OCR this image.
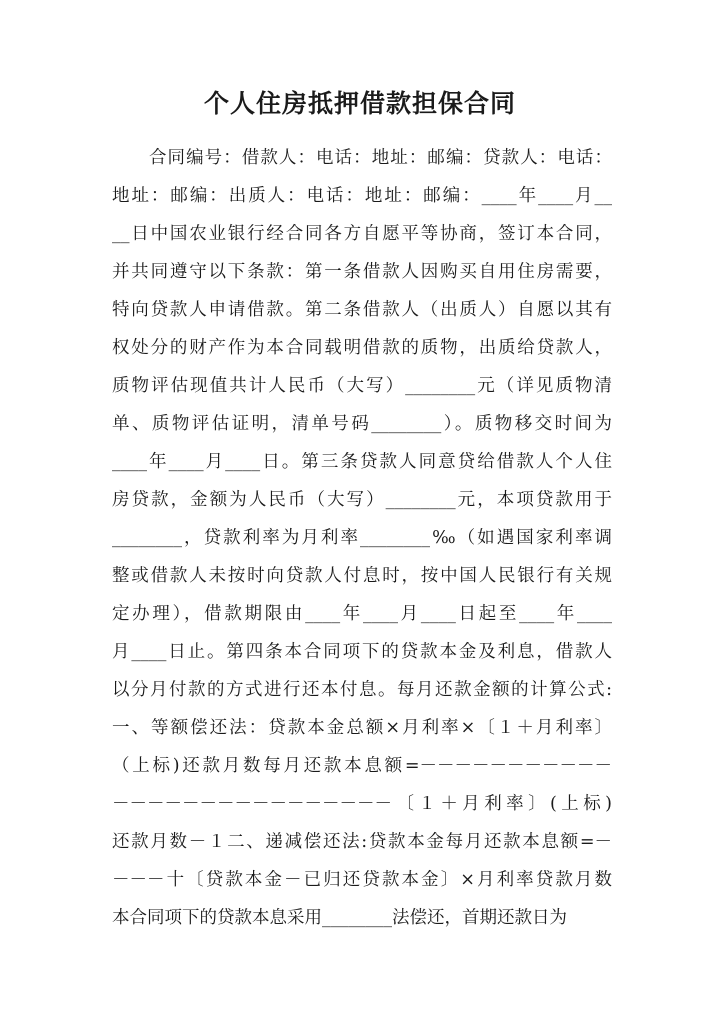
个人住房抵押借款担保合同
合同编号：借款人：电话：地址：邮编：贷款人：电话：
地址：邮编：出质人：电话：地址：邮编：____年____月__
__日中国农业银行经合同各方自愿平等协商，签订本合同，
并共同遵守以下条款：第一条借款人因购买自用住房需要，
特向贷款人申请借款。第二条借款人（出质人）自愿以其有
权处分的财产作为本合同载明借款的质物，出质给贷款人，
质物评估现值共计人民币（大写）________元（详见质物清
单、质物评估证明，清单号码________）。质物移交时间为
____年____月____日。第三条贷款人同意贷给借款人个人住
房贷款，金额为人民币（大写）________元，本项贷款用于
________，贷款利率为月利率________‰（如遇国家利率调
整或借款人未按时向贷款人付息时，按中国人民银行有关规
定办理），借款期限由____年____月____日起至____年____
月____日止。第四条本合同项下的贷款本金及利息，借款人
以分月付款的方式进行还本付息。每月还款金额的计算公式:
一、等额偿还法：贷款本金总额×月利率×〔１＋月利率〕
（上标)还款月数每月还款本息额=－－－－－－－－－－－
－－－－－－－－－－－－－－－－〔１＋月利率〕(上标)
还款月数－１二、递减偿还法:贷款本金每月还款本息额=－
－－－十〔贷款本金－已归还贷款本金〕×月利率贷款月数
本合同项下的贷款本息采用________法偿还，首期还款日为
